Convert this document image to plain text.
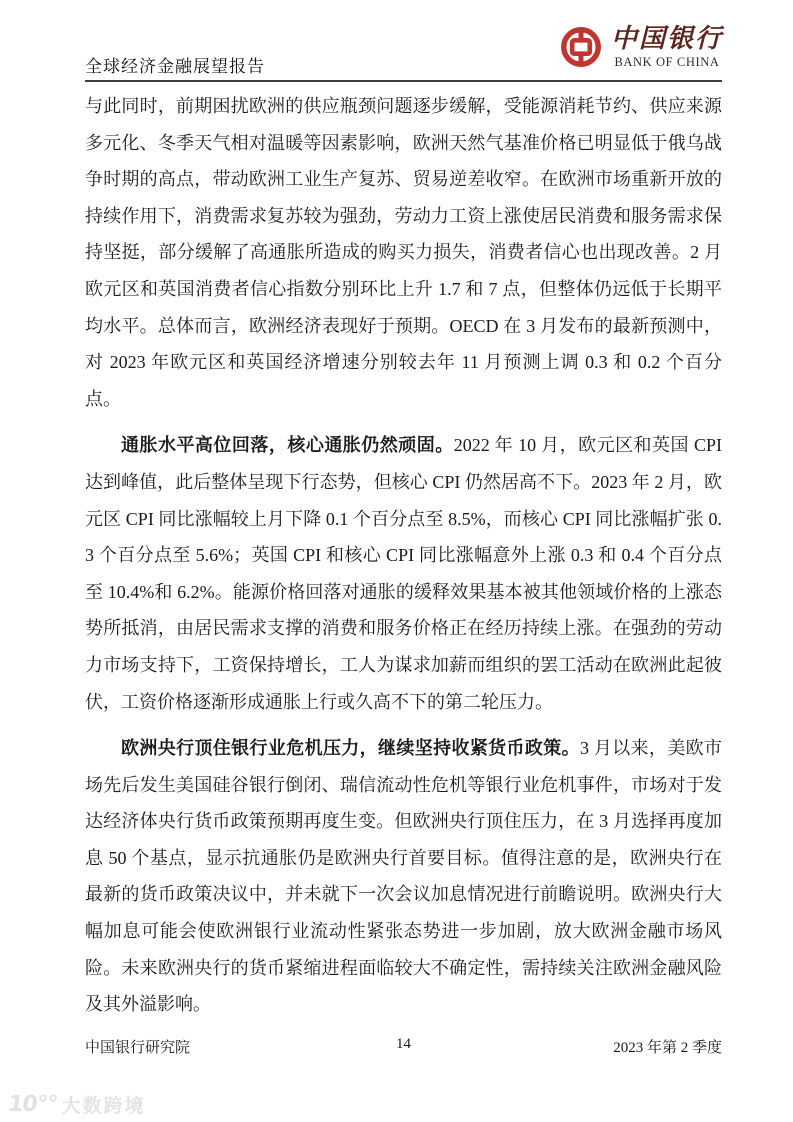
全球经济金融展望报告
中国银行
BANK OF CHINA

与此同时，前期困扰欧洲的供应瓶颈问题逐步缓解，受能源消耗节约、供应来源多元化、冬季天气相对温暖等因素影响，欧洲天然气基准价格已明显低于俄乌战争时期的高点，带动欧洲工业生产复苏、贸易逆差收窄。在欧洲市场重新开放的持续作用下，消费需求复苏较为强劲，劳动力工资上涨使居民消费和服务需求保持坚挺，部分缓解了高通胀所造成的购买力损失，消费者信心也出现改善。2 月欧元区和英国消费者信心指数分别环比上升 1.7 和 7 点，但整体仍远低于长期平均水平。总体而言，欧洲经济表现好于预期。OECD 在 3 月发布的最新预测中，对 2023 年欧元区和英国经济增速分别较去年 11 月预测上调 0.3 和 0.2 个百分点。

通胀水平高位回落，核心通胀仍然顽固。2022 年 10 月，欧元区和英国 CPI 达到峰值，此后整体呈现下行态势，但核心 CPI 仍然居高不下。2023 年 2 月，欧元区 CPI 同比涨幅较上月下降 0.1 个百分点至 8.5%，而核心 CPI 同比涨幅扩张 0.3 个百分点至 5.6%；英国 CPI 和核心 CPI 同比涨幅意外上涨 0.3 和 0.4 个百分点至 10.4%和 6.2%。能源价格回落对通胀的缓释效果基本被其他领域价格的上涨态势所抵消，由居民需求支撑的消费和服务价格正在经历持续上涨。在强劲的劳动力市场支持下，工资保持增长，工人为谋求加薪而组织的罢工活动在欧洲此起彼伏，工资价格逐渐形成通胀上行或久高不下的第二轮压力。

欧洲央行顶住银行业危机压力，继续坚持收紧货币政策。3 月以来，美欧市场先后发生美国硅谷银行倒闭、瑞信流动性危机等银行业危机事件，市场对于发达经济体央行货币政策预期再度生变。但欧洲央行顶住压力，在 3 月选择再度加息 50 个基点，显示抗通胀仍是欧洲央行首要目标。值得注意的是，欧洲央行在最新的货币政策决议中，并未就下一次会议加息情况进行前瞻说明。欧洲央行大幅加息可能会使欧洲银行业流动性紧张态势进一步加剧，放大欧洲金融市场风险。未来欧洲央行的货币紧缩进程面临较大不确定性，需持续关注欧洲金融风险及其外溢影响。

中国银行研究院	14	2023 年第 2 季度
10°° 大数跨境
